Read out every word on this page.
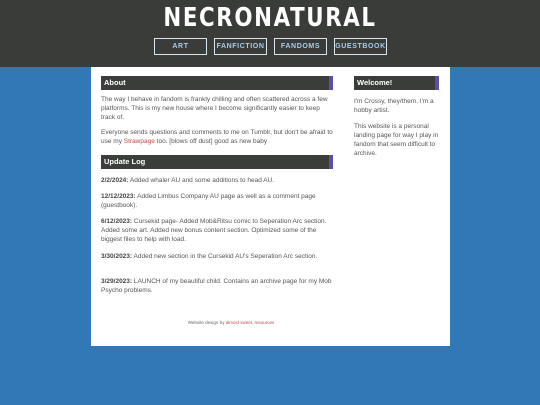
NECRONATURAL
ART	FANFICTION	FANDOMS	GUESTBOOK
About
The way I behave in fandom is frankly chilling and often scattered across a few platforms. This is my new house where I become significantly easier to keep track of.
Everyone sends questions and comments to me on Tumblr, but don't be afraid to use my Strawpage too. [blows off dust] good as new baby
Update Log
2/2/2024: Added whaler AU and some additions to head AU.
12/12/2023: Added Limbus Company AU page as well as a comment page (guestbook).
6/12/2023: Cursekid page- Added Mob&Ritsu comic to Seperation Arc section. Added some art. Added new bonus content section. Optimized some of the biggest files to help with load.
3/30/2023: Added new section in the Cursekid AU's Seperation Arc section.
3/29/2023: LAUNCH of my beautiful child. Contains an archive page for my Mob Psycho problems.
Website design by almost sweet, resources
Welcome!
I'm Crossy, they/them. I'm a hobby artist.
This website is a personal landing page for way I play in fandom that seem difficult to archive.
